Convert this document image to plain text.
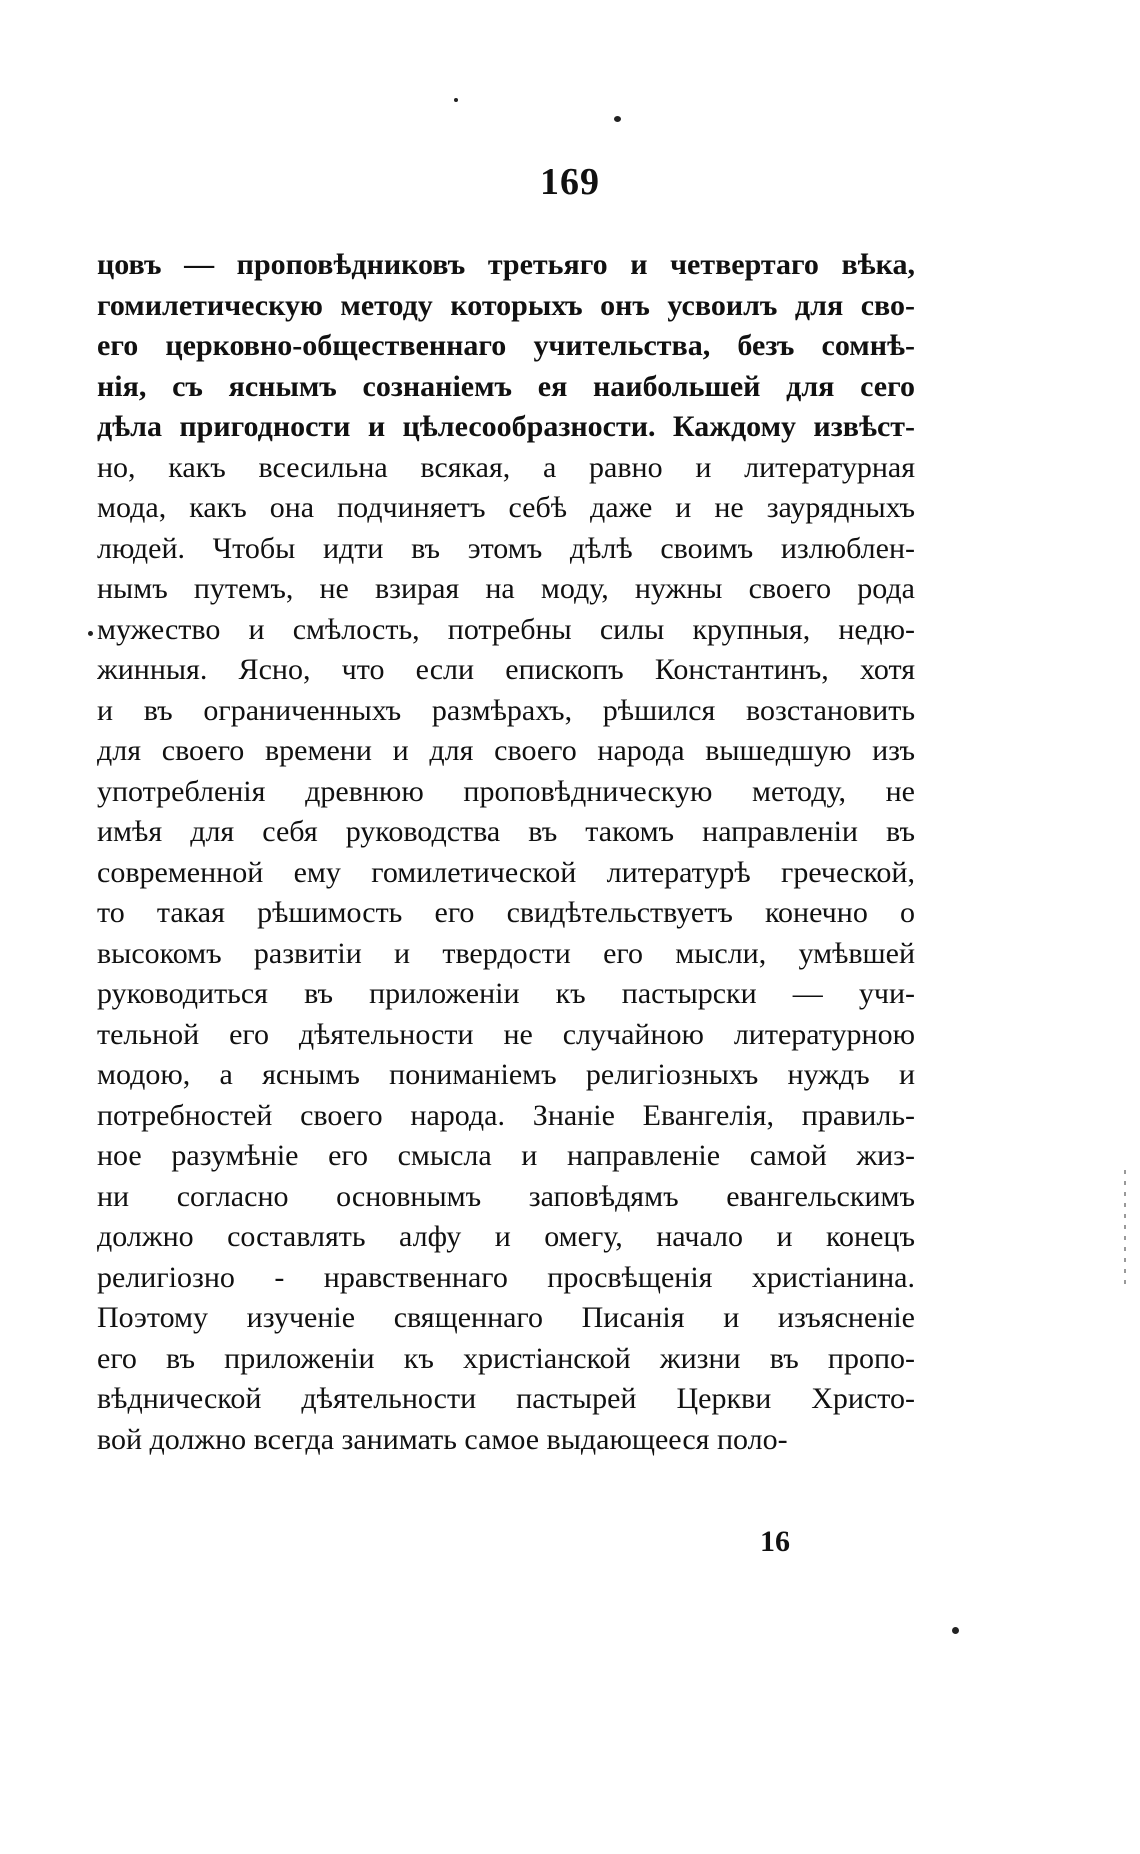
169
цовъ — проповѣдниковъ третьяго и четвертаго вѣка,
гомилетическую методу которыхъ онъ усвоилъ для сво-
его церковно-общественнаго учительства, безъ сомнѣ-
нія, съ яснымъ сознаніемъ ея наибольшей для сего
дѣла пригодности и цѣлесообразности. Каждому извѣст-
но, какъ всесильна всякая, а равно и литературная
мода, какъ она подчиняетъ себѣ даже и не заурядныхъ
людей. Чтобы идти въ этомъ дѣлѣ своимъ излюблен-
нымъ путемъ, не взирая на моду, нужны своего рода
мужество и смѣлость, потребны силы крупныя, недю-
жинныя. Ясно, что если епископъ Константинъ, хотя
и въ ограниченныхъ размѣрахъ, рѣшился возстановить
для своего времени и для своего народа вышедшую изъ
употребленія древнюю проповѣдническую методу, не
имѣя для себя руководства въ такомъ направленіи въ
современной ему гомилетической литературѣ греческой,
то такая рѣшимость его свидѣтельствуетъ конечно о
высокомъ развитіи и твердости его мысли, умѣвшей
руководиться въ приложеніи къ пастырски — учи-
тельной его дѣятельности не случайною литературною
модою, а яснымъ пониманіемъ религіозныхъ нуждъ и
потребностей своего народа. Знаніе Евангелія, правиль-
ное разумѣніе его смысла и направленіе самой жиз-
ни согласно основнымъ заповѣдямъ евангельскимъ
должно составлять алфу и омегу, начало и конецъ
религіозно - нравственнаго просвѣщенія христіанина.
Поэтому изученіе священнаго Писанія и изъясненіе
его въ приложеніи къ христіанской жизни въ пропо-
вѣднической дѣятельности пастырей Церкви Христо-
вой должно всегда занимать самое выдающееся поло-
16
